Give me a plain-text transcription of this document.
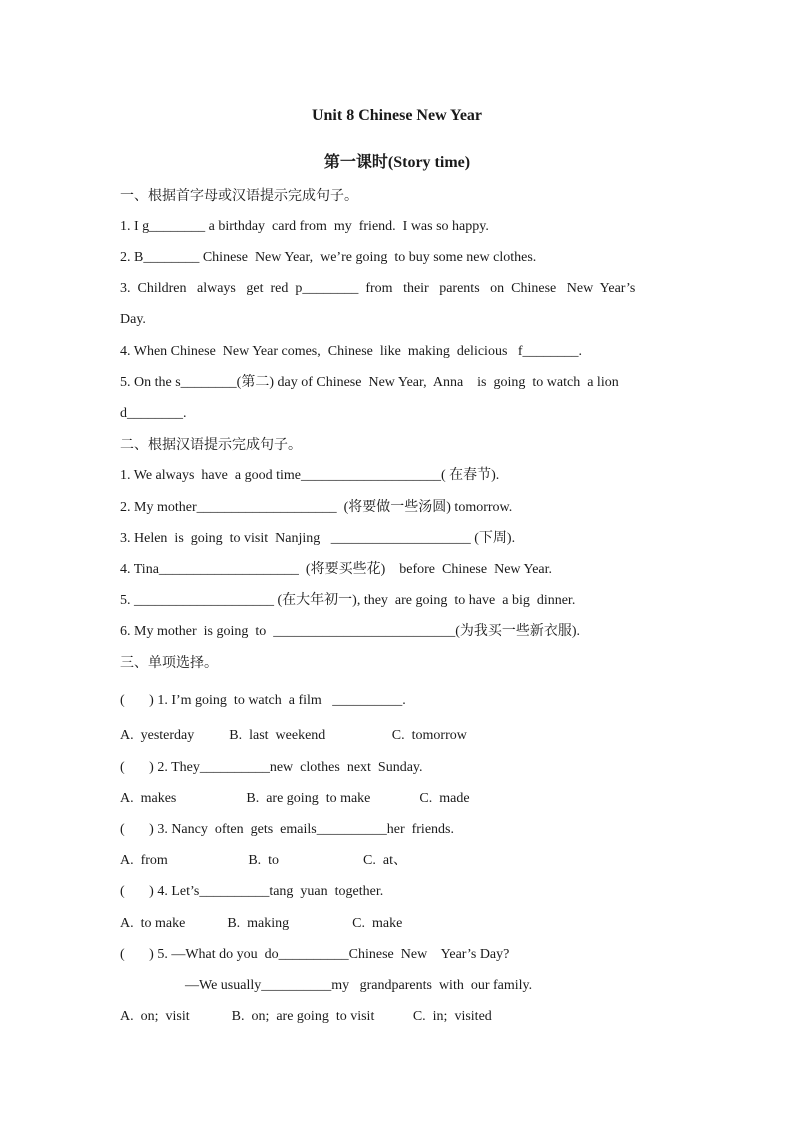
Unit 8 Chinese New Year
第一课时(Story time)
一、根据首字母或汉语提示完成句子。
1. I g________ a birthday  card from  my  friend.  I was so happy.
2. B________ Chinese  New Year,  we’re going  to buy some new clothes.
3.  Children   always   get  red  p________  from   their   parents   on  Chinese   New  Year’s
Day.
4. When Chinese  New Year comes,  Chinese  like  making  delicious   f________.
5. On the s________(第二) day of Chinese  New Year,  Anna    is  going  to watch  a lion
d________.
二、根据汉语提示完成句子。
1. We always  have  a good time____________________( 在春节).
2. My mother____________________  (将要做一些汤圆) tomorrow.
3. Helen  is  going  to visit  Nanjing   ____________________ (下周).
4. Tina____________________  (将要买些花)    before  Chinese  New Year.
5. ____________________ (在大年初一), they  are going  to have  a big  dinner.
6. My mother  is going  to  __________________________(为我买一些新衣服).
三、单项选择。
(       ) 1. I’m going  to watch  a film   __________.
A.  yesterday          B.  last  weekend                   C.  tomorrow
(       ) 2. They__________new  clothes  next  Sunday.
A.  makes                    B.  are going  to make              C.  made
(       ) 3. Nancy  often  gets  emails__________her  friends.
A.  from                       B.  to                        C.  at、
(       ) 4. Let’s__________tang  yuan  together.
A.  to make            B.  making                  C.  make
(       ) 5. —What do you  do__________Chinese  New    Year’s Day?
—We usually__________my   grandparents  with  our family.
A.  on;  visit            B.  on;  are going  to visit           C.  in;  visited
